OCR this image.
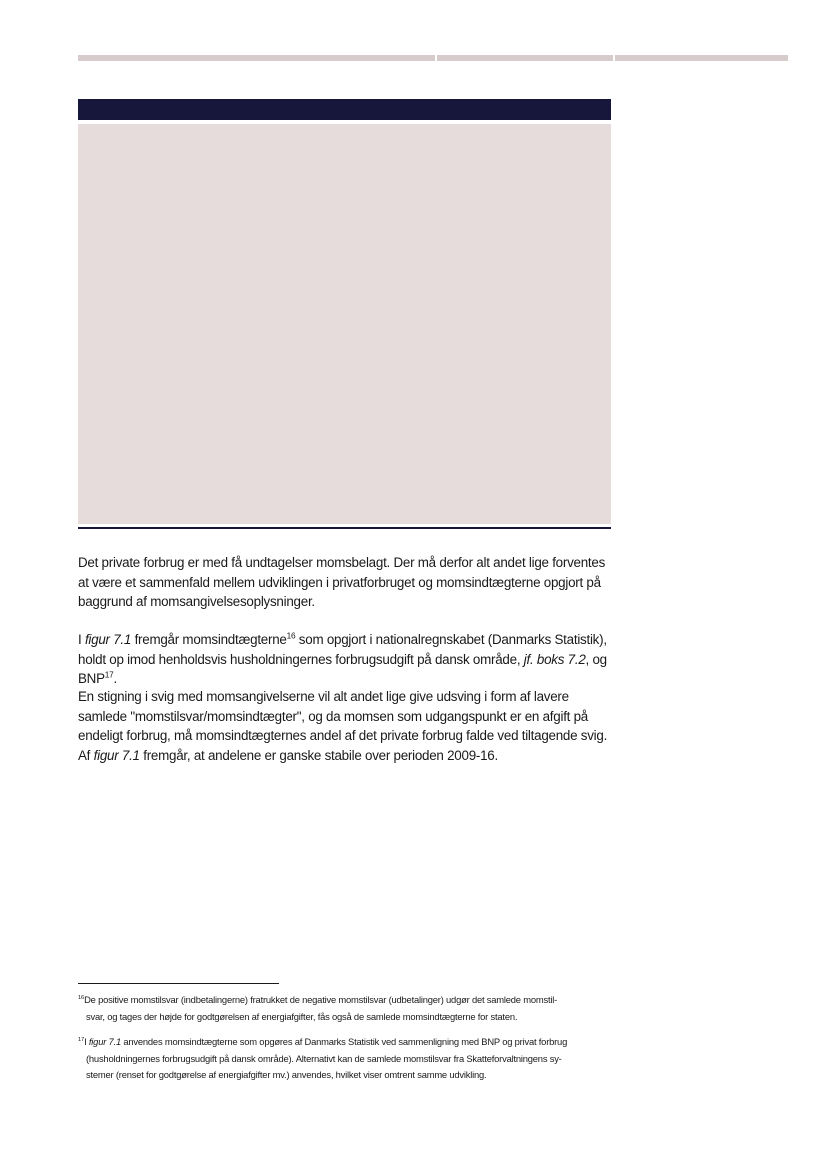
Det private forbrug er med få undtagelser momsbelagt. Der må derfor alt andet lige forventes at være et sammenfald mellem udviklingen i privatforbruget og momsindtægterne opgjort på baggrund af momsangivelsesoplysninger.

I figur 7.1 fremgår momsindtægterne$^{16}$ som opgjort i nationalregnskabet (Danmarks Statistik), holdt op imod henholdsvis husholdningernes forbrugsudgift på dansk område, jf. boks 7.2, og BNP$^{17}$.

En stigning i svig med momsangivelserne vil alt andet lige give udsving i form af lavere samlede "momstilsvar/momsindtægter", og da momsen som udgangspunkt er en afgift på endeligt forbrug, må momsindtægternes andel af det private forbrug falde ved tiltagende svig. Af figur 7.1 fremgår, at andelene er ganske stabile over perioden 2009-16.

$^{16}$De positive momstilsvar (indbetalingerne) fratrukket de negative momstilsvar (udbetalinger) udgør det samlede momstil-
svar, og tages der højde for godtgørelsen af energiafgifter, fås også de samlede momsindtægterne for staten.

$^{17}$I figur 7.1 anvendes momsindtægterne som opgøres af Danmarks Statistik ved sammenligning med BNP og privat forbrug
(husholdningernes forbrugsudgift på dansk område). Alternativt kan de samlede momstilsvar fra Skatteforvaltningens sy-
stemer (renset for godtgørelse af energiafgifter mv.) anvendes, hvilket viser omtrent samme udvikling.
